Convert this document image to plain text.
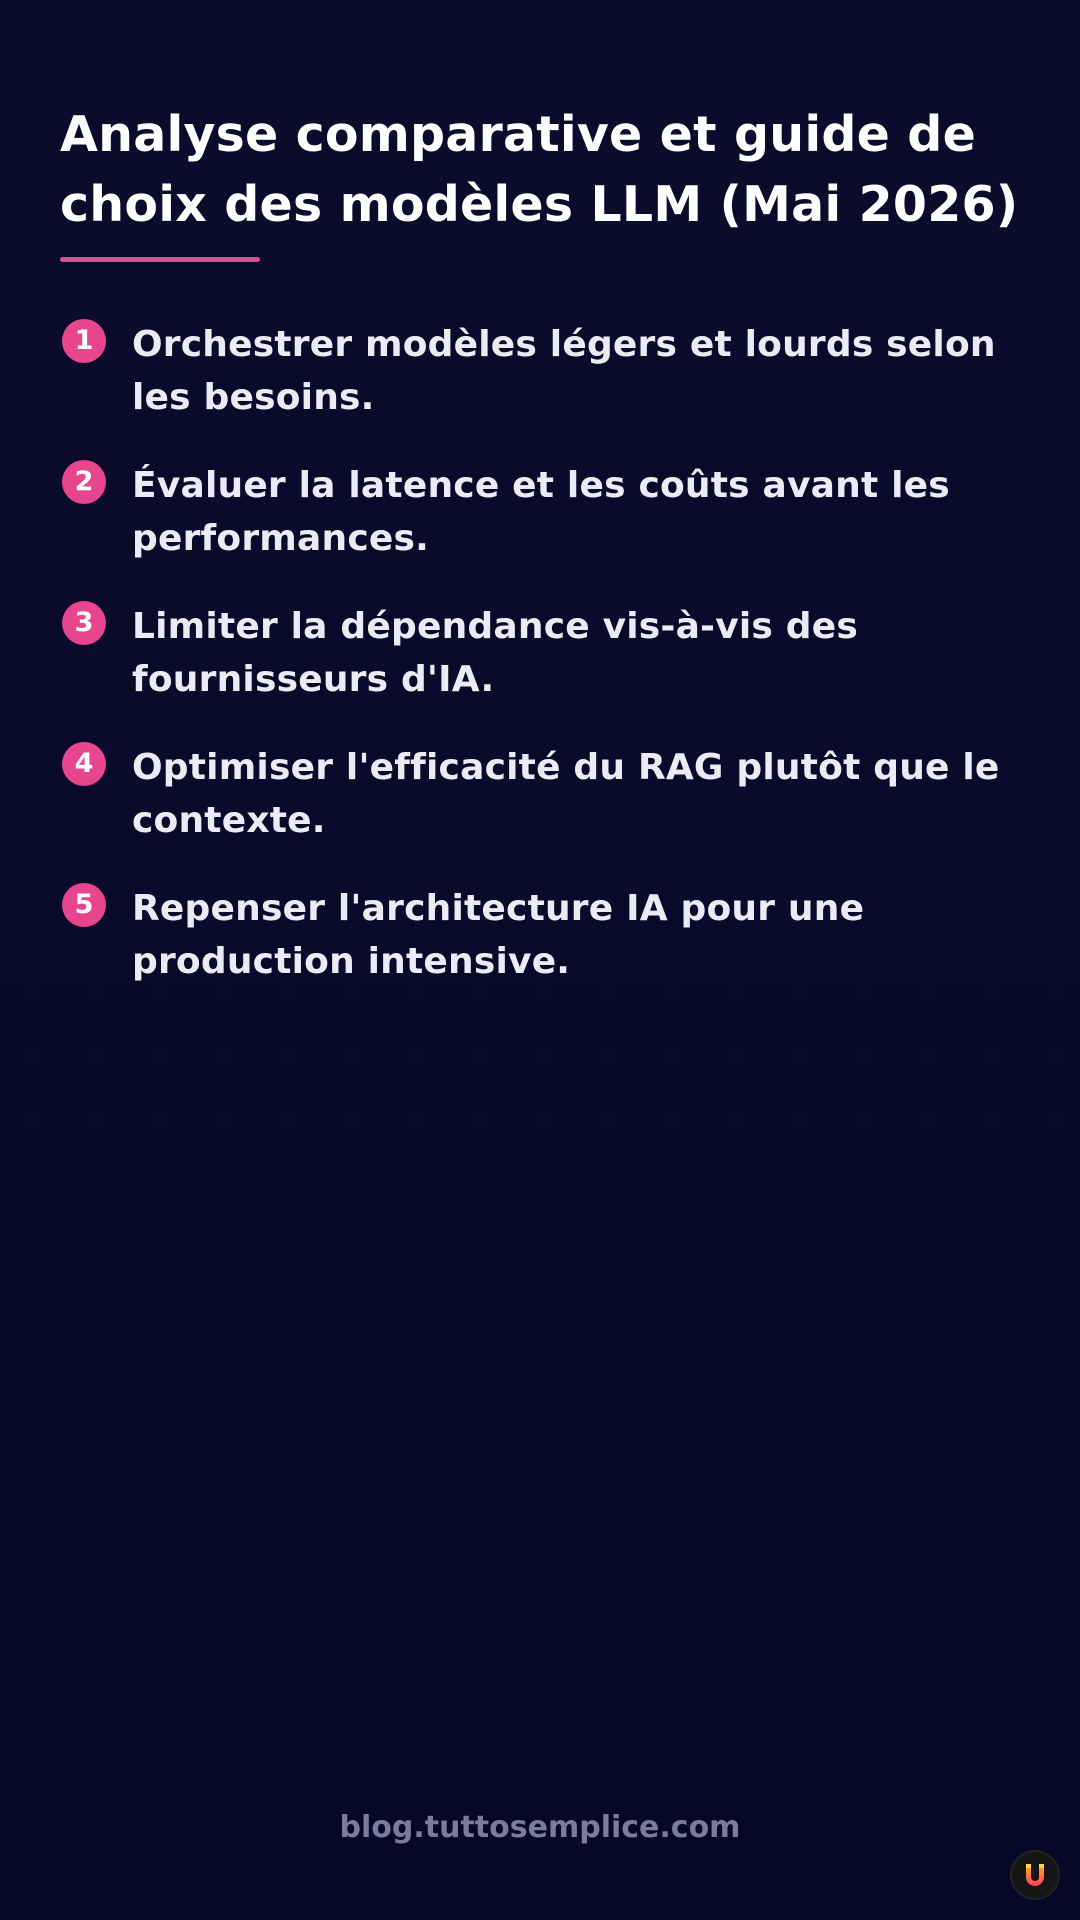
Analyse comparative et guide de choix des modèles LLM (Mai 2026)
1	Orchestrer modèles légers et lourds selon les besoins.
2	Évaluer la latence et les coûts avant les performances.
3	Limiter la dépendance vis-à-vis des fournisseurs d'IA.
4	Optimiser l'efficacité du RAG plutôt que le contexte.
5	Repenser l'architecture IA pour une production intensive.
blog.tuttosemplice.com
